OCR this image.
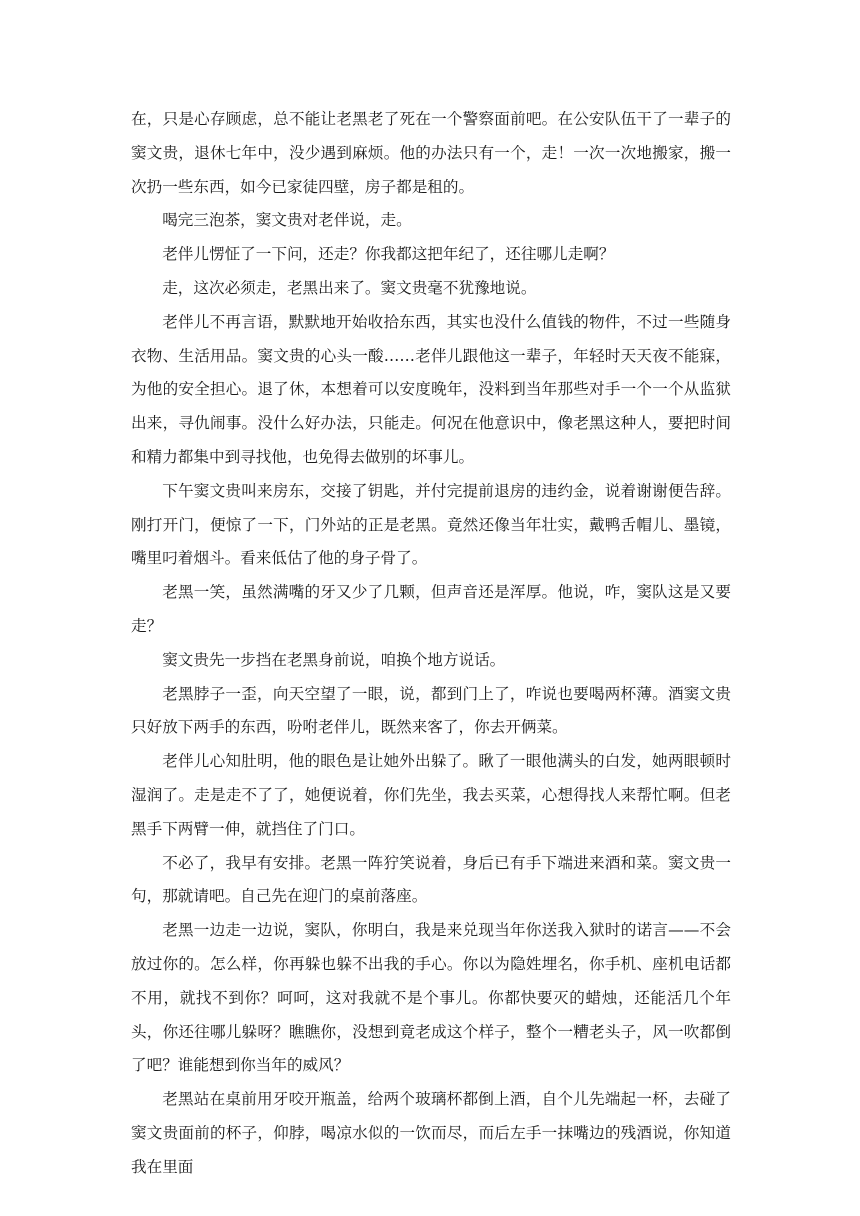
在，只是心存顾虑，总不能让老黑老了死在一个警察面前吧。在公安队伍干了一辈子的窦文贵，退休七年中，没少遇到麻烦。他的办法只有一个，走！一次一次地搬家，搬一次扔一些东西，如今已家徒四壁，房子都是租的。

喝完三泡茶，窦文贵对老伴说，走。

老伴儿愣怔了一下问，还走？你我都这把年纪了，还往哪儿走啊？

走，这次必须走，老黑出来了。窦文贵毫不犹豫地说。

老伴儿不再言语，默默地开始收拾东西，其实也没什么值钱的物件，不过一些随身衣物、生活用品。窦文贵的心头一酸……老伴儿跟他这一辈子，年轻时天天夜不能寐，为他的安全担心。退了休，本想着可以安度晚年，没料到当年那些对手一个一个从监狱出来，寻仇闹事。没什么好办法，只能走。何况在他意识中，像老黑这种人，要把时间和精力都集中到寻找他，也免得去做别的坏事儿。

下午窦文贵叫来房东，交接了钥匙，并付完提前退房的违约金，说着谢谢便告辞。刚打开门，便惊了一下，门外站的正是老黑。竟然还像当年壮实，戴鸭舌帽儿、墨镜，嘴里叼着烟斗。看来低估了他的身子骨了。

老黑一笑，虽然满嘴的牙又少了几颗，但声音还是浑厚。他说，咋，窦队这是又要走？

窦文贵先一步挡在老黑身前说，咱换个地方说话。

老黑脖子一歪，向天空望了一眼，说，都到门上了，咋说也要喝两杯薄。酒窦文贵只好放下两手的东西，吩咐老伴儿，既然来客了，你去开俩菜。

老伴儿心知肚明，他的眼色是让她外出躲了。瞅了一眼他满头的白发，她两眼顿时湿润了。走是走不了了，她便说着，你们先坐，我去买菜，心想得找人来帮忙啊。但老黑手下两臂一伸，就挡住了门口。

不必了，我早有安排。老黑一阵狞笑说着，身后已有手下端进来酒和菜。窦文贵一句，那就请吧。自己先在迎门的桌前落座。

老黑一边走一边说，窦队，你明白，我是来兑现当年你送我入狱时的诺言——不会放过你的。怎么样，你再躲也躲不出我的手心。你以为隐姓埋名，你手机、座机电话都不用，就找不到你？呵呵，这对我就不是个事儿。你都快要灭的蜡烛，还能活几个年头，你还往哪儿躲呀？瞧瞧你，没想到竟老成这个样子，整个一糟老头子，风一吹都倒了吧？谁能想到你当年的威风？

老黑站在桌前用牙咬开瓶盖，给两个玻璃杯都倒上酒，自个儿先端起一杯，去碰了窦文贵面前的杯子，仰脖，喝凉水似的一饮而尽，而后左手一抹嘴边的残酒说，你知道我在里面
